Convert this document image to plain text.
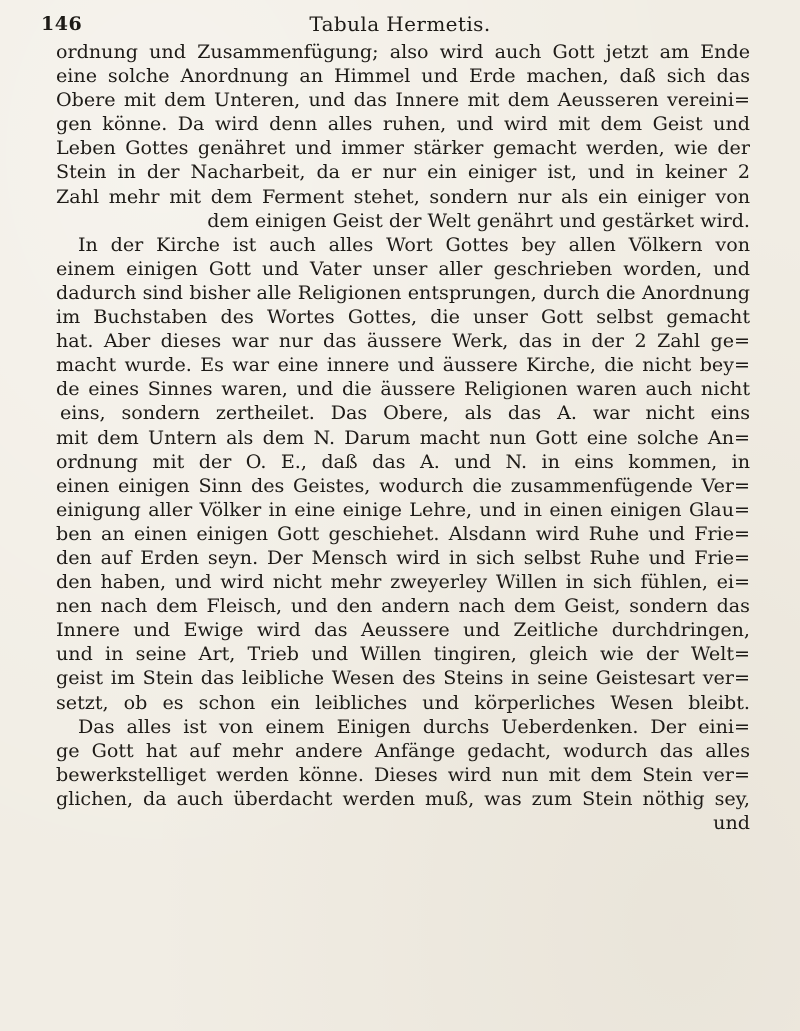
146	Tabula Hermetis.
ordnung und Zusammenfügung; also wird auch Gott jetzt am Ende
eine solche Anordnung an Himmel und Erde machen, daß sich das
Obere mit dem Unteren, und das Innere mit dem Aeusseren vereini=
gen könne. Da wird denn alles ruhen, und wird mit dem Geist und
Leben Gottes genähret und immer stärker gemacht werden, wie der
Stein in der Nacharbeit, da er nur ein einiger ist, und in keiner 2
Zahl mehr mit dem Ferment stehet, sondern nur als ein einiger von
dem einigen Geist der Welt genährt und gestärket wird.
In der Kirche ist auch alles Wort Gottes bey allen Völkern von
einem einigen Gott und Vater unser aller geschrieben worden, und
dadurch sind bisher alle Religionen entsprungen, durch die Anordnung
im Buchstaben des Wortes Gottes, die unser Gott selbst gemacht
hat. Aber dieses war nur das äussere Werk, das in der 2 Zahl ge=
macht wurde. Es war eine innere und äussere Kirche, die nicht bey=
de eines Sinnes waren, und die äussere Religionen waren auch nicht
eins, sondern zertheilet. Das Obere, als das A. war nicht eins
mit dem Untern als dem N. Darum macht nun Gott eine solche An=
ordnung mit der O. E., daß das A. und N. in eins kommen, in
einen einigen Sinn des Geistes, wodurch die zusammenfügende Ver=
einigung aller Völker in eine einige Lehre, und in einen einigen Glau=
ben an einen einigen Gott geschiehet. Alsdann wird Ruhe und Frie=
den auf Erden seyn. Der Mensch wird in sich selbst Ruhe und Frie=
den haben, und wird nicht mehr zweyerley Willen in sich fühlen, ei=
nen nach dem Fleisch, und den andern nach dem Geist, sondern das
Innere und Ewige wird das Aeussere und Zeitliche durchdringen,
und in seine Art, Trieb und Willen tingiren, gleich wie der Welt=
geist im Stein das leibliche Wesen des Steins in seine Geistesart ver=
setzt, ob es schon ein leibliches und körperliches Wesen bleibt.
Das alles ist von einem Einigen durchs Ueberdenken. Der eini=
ge Gott hat auf mehr andere Anfänge gedacht, wodurch das alles
bewerkstelliget werden könne. Dieses wird nun mit dem Stein ver=
glichen, da auch überdacht werden muß, was zum Stein nöthig sey,
und
